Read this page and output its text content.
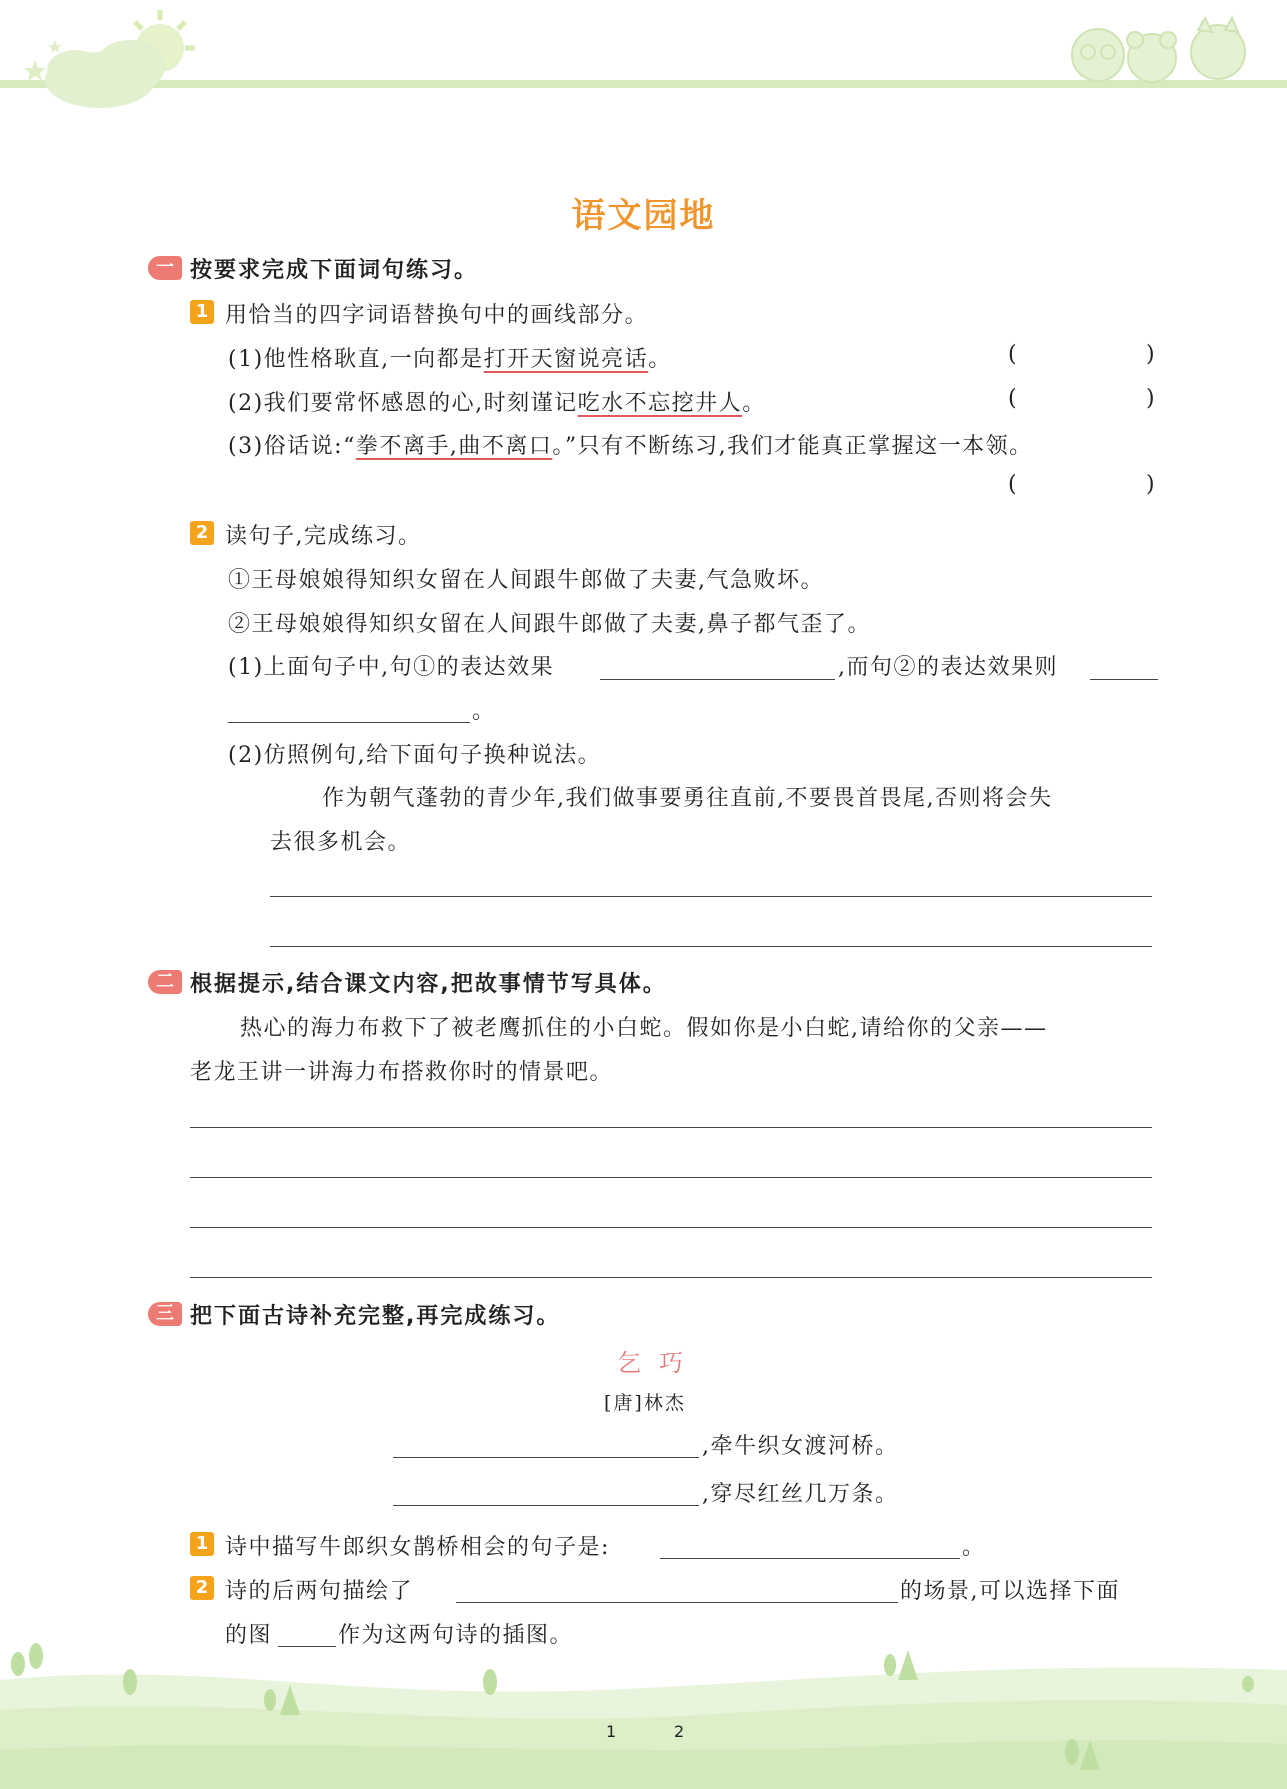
语文园地
一 按要求完成下面词句练习。
1 用恰当的四字词语替换句中的画线部分。
(1)他性格耿直,一向都是打开天窗说亮话。	(	)
(2)我们要常怀感恩的心,时刻谨记吃水不忘挖井人。	(	)
(3)俗话说:“拳不离手,曲不离口。”只有不断练习,我们才能真正掌握这一本领。
(	)
2 读句子,完成练习。
①王母娘娘得知织女留在人间跟牛郎做了夫妻,气急败坏。
②王母娘娘得知织女留在人间跟牛郎做了夫妻,鼻子都气歪了。
(1)上面句子中,句①的表达效果	,而句②的表达效果则
。
(2)仿照例句,给下面句子换种说法。
作为朝气蓬勃的青少年,我们做事要勇往直前,不要畏首畏尾,否则将会失
去很多机会。
二 根据提示,结合课文内容,把故事情节写具体。
热心的海力布救下了被老鹰抓住的小白蛇。假如你是小白蛇,请给你的父亲——
老龙王讲一讲海力布搭救你时的情景吧。
三 把下面古诗补充完整,再完成练习。
乞巧
[唐]林杰
,牵牛织女渡河桥。
,穿尽红丝几万条。
1 诗中描写牛郎织女鹊桥相会的句子是:	。
2 诗的后两句描绘了	的场景,可以选择下面
的图	作为这两句诗的插图。
1	2
